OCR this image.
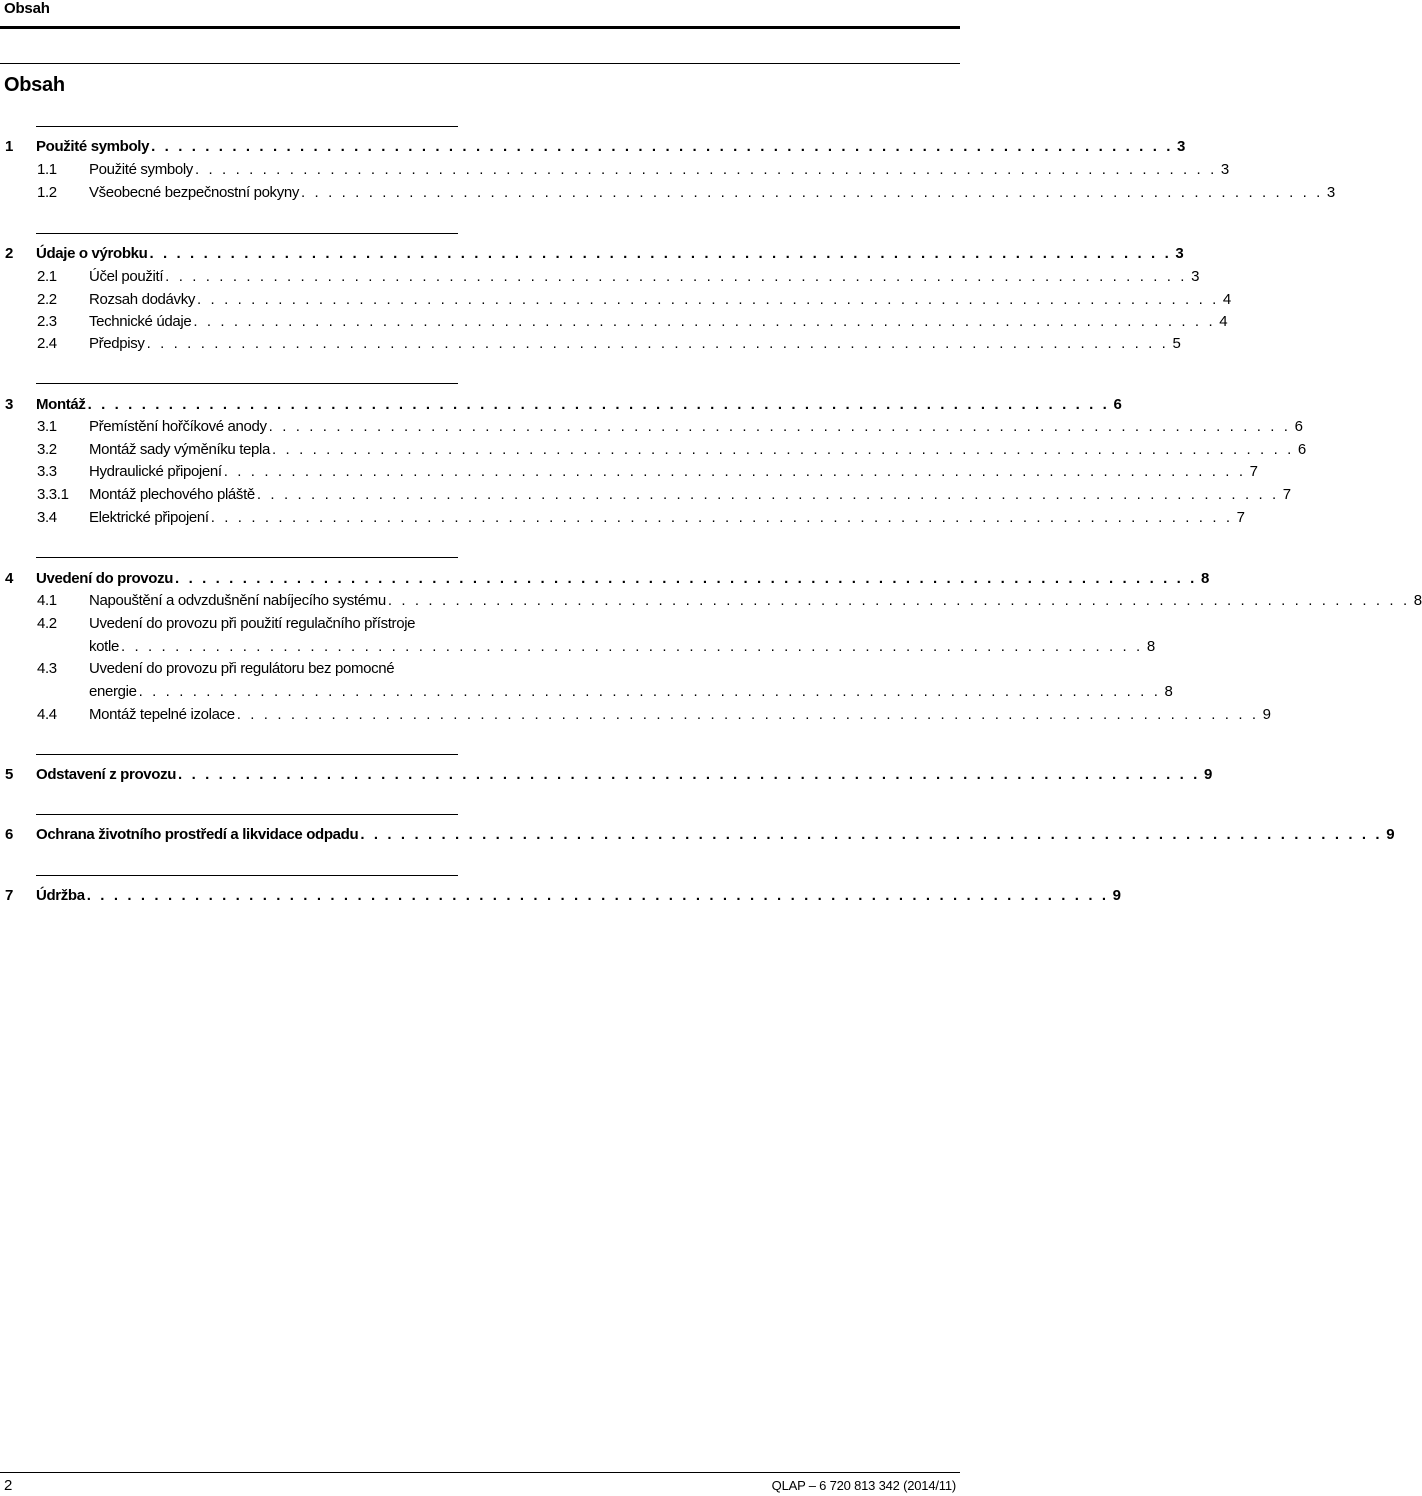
Obsah
Obsah
1 Použité symboly . . . . . . . . . . . . . . . . . . . . . . . . . . . . . . . . . . . . . . . . . . . . . . . . . . . . . . . . . . . . . . . . . . . . . . . . . . . . 3
1.1 Použité symboly . . . . . . . . . . . . . . . . . . . . . . . . . . . . . . . . . . . . . . . . . . . . . . . . . . . . . . . . . . . . . . . . . . . . . . . . . . . . 3
1.2 Všeobecné bezpečnostní pokyny . . . . . . . . . . . . . . . . . . . . . . . . . . . . . . . . . . . . . . . . . . . . . . . . . . . . . . . . . . . . . . . . . . . . . . . . . . . . 3
2 Údaje o výrobku . . . . . . . . . . . . . . . . . . . . . . . . . . . . . . . . . . . . . . . . . . . . . . . . . . . . . . . . . . . . . . . . . . . . . . . . . . . . 3
2.1 Účel použití . . . . . . . . . . . . . . . . . . . . . . . . . . . . . . . . . . . . . . . . . . . . . . . . . . . . . . . . . . . . . . . . . . . . . . . . . . . . 3
2.2 Rozsah dodávky . . . . . . . . . . . . . . . . . . . . . . . . . . . . . . . . . . . . . . . . . . . . . . . . . . . . . . . . . . . . . . . . . . . . . . . . . . . . 4
2.3 Technické údaje . . . . . . . . . . . . . . . . . . . . . . . . . . . . . . . . . . . . . . . . . . . . . . . . . . . . . . . . . . . . . . . . . . . . . . . . . . . . 4
2.4 Předpisy . . . . . . . . . . . . . . . . . . . . . . . . . . . . . . . . . . . . . . . . . . . . . . . . . . . . . . . . . . . . . . . . . . . . . . . . . . . . 5
3 Montáž . . . . . . . . . . . . . . . . . . . . . . . . . . . . . . . . . . . . . . . . . . . . . . . . . . . . . . . . . . . . . . . . . . . . . . . . . . . . 6
3.1 Přemístění hořčíkové anody . . . . . . . . . . . . . . . . . . . . . . . . . . . . . . . . . . . . . . . . . . . . . . . . . . . . . . . . . . . . . . . . . . . . . . . . . . . . 6
3.2 Montáž sady výměníku tepla . . . . . . . . . . . . . . . . . . . . . . . . . . . . . . . . . . . . . . . . . . . . . . . . . . . . . . . . . . . . . . . . . . . . . . . . . . . . 6
3.3 Hydraulické připojení . . . . . . . . . . . . . . . . . . . . . . . . . . . . . . . . . . . . . . . . . . . . . . . . . . . . . . . . . . . . . . . . . . . . . . . . . . . . 7
3.3.1 Montáž plechového pláště . . . . . . . . . . . . . . . . . . . . . . . . . . . . . . . . . . . . . . . . . . . . . . . . . . . . . . . . . . . . . . . . . . . . . . . . . . . . 7
3.4 Elektrické připojení . . . . . . . . . . . . . . . . . . . . . . . . . . . . . . . . . . . . . . . . . . . . . . . . . . . . . . . . . . . . . . . . . . . . . . . . . . . . 7
4 Uvedení do provozu . . . . . . . . . . . . . . . . . . . . . . . . . . . . . . . . . . . . . . . . . . . . . . . . . . . . . . . . . . . . . . . . . . . . . . . . . . . . 8
4.1 Napouštění a odvzdušnění nabíjecího systému . . . . . . . . . . . . . . . . . . . . . . . . . . . . . . . . . . . . . . . . . . . . . . . . . . . . . . . . . . . . . . . . . . . . . . . . . . . . 8
4.2 Uvedení do provozu při použití regulačního přístroje
kotle . . . . . . . . . . . . . . . . . . . . . . . . . . . . . . . . . . . . . . . . . . . . . . . . . . . . . . . . . . . . . . . . . . . . . . . . . . . . 8
4.3 Uvedení do provozu při regulátoru bez pomocné
energie . . . . . . . . . . . . . . . . . . . . . . . . . . . . . . . . . . . . . . . . . . . . . . . . . . . . . . . . . . . . . . . . . . . . . . . . . . . . 8
4.4 Montáž tepelné izolace . . . . . . . . . . . . . . . . . . . . . . . . . . . . . . . . . . . . . . . . . . . . . . . . . . . . . . . . . . . . . . . . . . . . . . . . . . . . 9
5 Odstavení z provozu . . . . . . . . . . . . . . . . . . . . . . . . . . . . . . . . . . . . . . . . . . . . . . . . . . . . . . . . . . . . . . . . . . . . . . . . . . . . 9
6 Ochrana životního prostředí a likvidace odpadu . . . . . . . . . . . . . . . . . . . . . . . . . . . . . . . . . . . . . . . . . . . . . . . . . . . . . . . . . . . . . . . . . . . . . . . . . . . . 9
7 Údržba . . . . . . . . . . . . . . . . . . . . . . . . . . . . . . . . . . . . . . . . . . . . . . . . . . . . . . . . . . . . . . . . . . . . . . . . . . . . 9
2	QLAP – 6 720 813 342 (2014/11)
